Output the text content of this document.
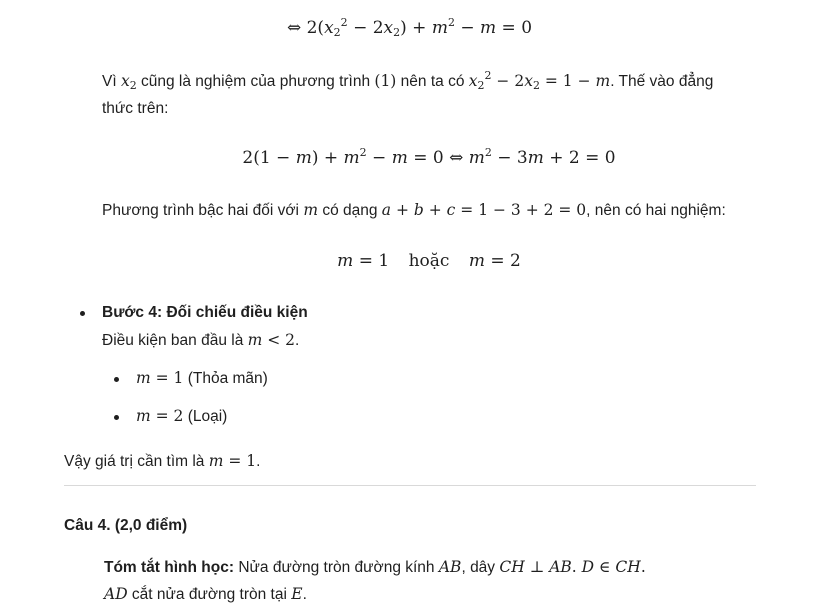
⇔ $2(x_2^2 - 2x_2) + m^2 - m = 0$
Vì $x_2$ cũng là nghiệm của phương trình (1) nên ta có $x_2^2 - 2x_2 = 1 - m$. Thế vào đẳng
thức trên:
$2(1 - m) + m^2 - m = 0$ ⇔ $m^2 - 3m + 2 = 0$
Phương trình bậc hai đối với m có dạng a + b + c = 1 − 3 + 2 = 0, nên có hai nghiệm:
m = 1 hoặc m = 2
Bước 4: Đối chiếu điều kiện
Điều kiện ban đầu là m < 2.
m = 1 (Thỏa mãn)
m = 2 (Loại)
Vậy giá trị cần tìm là m = 1.
Câu 4. (2,0 điểm)
Tóm tắt hình học: Nửa đường tròn đường kính AB, dây CH ⊥ AB. D ∈ CH.
AD cắt nửa đường tròn tại E.
